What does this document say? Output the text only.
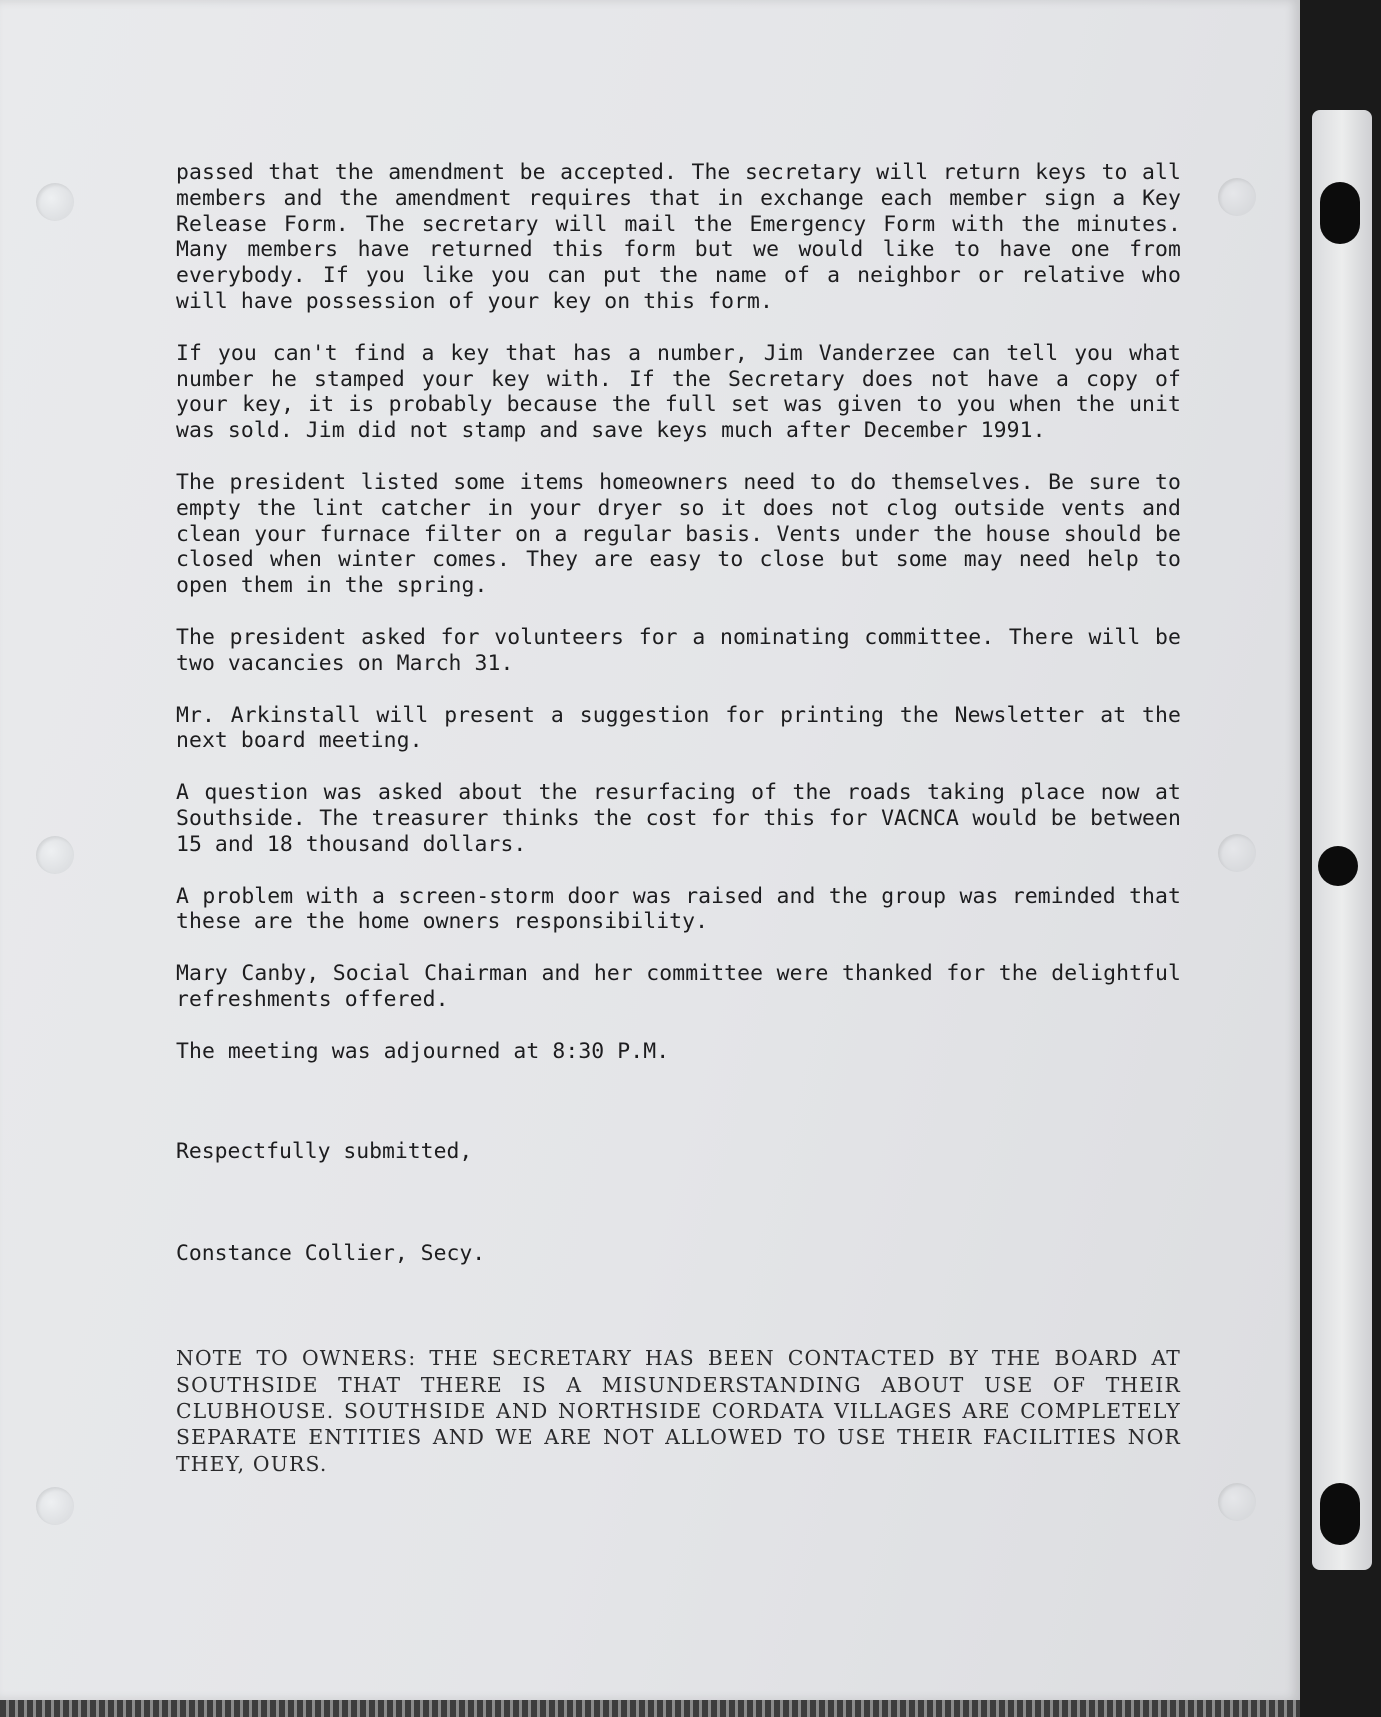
passed that the amendment be accepted. The secretary will return keys to all members and the amendment requires that in exchange each member sign a Key Release Form. The secretary will mail the Emergency Form with the minutes. Many members have returned this form but we would like to have one from everybody. If you like you can put the name of a neighbor or relative who will have possession of your key on this form.

If you can't find a key that has a number, Jim Vanderzee can tell you what number he stamped your key with. If the Secretary does not have a copy of your key, it is probably because the full set was given to you when the unit was sold. Jim did not stamp and save keys much after December 1991.

The president listed some items homeowners need to do themselves. Be sure to empty the lint catcher in your dryer so it does not clog outside vents and clean your furnace filter on a regular basis. Vents under the house should be closed when winter comes. They are easy to close but some may need help to open them in the spring.

The president asked for volunteers for a nominating committee. There will be two vacancies on March 31.

Mr. Arkinstall will present a suggestion for printing the Newsletter at the next board meeting.

A question was asked about the resurfacing of the roads taking place now at Southside. The treasurer thinks the cost for this for VACNCA would be between 15 and 18 thousand dollars.

A problem with a screen-storm door was raised and the group was reminded that these are the home owners responsibility.

Mary Canby, Social Chairman and her committee were thanked for the delightful refreshments offered.

The meeting was adjourned at 8:30 P.M.

Respectfully submitted,

Constance Collier, Secy.

NOTE TO OWNERS: THE SECRETARY HAS BEEN CONTACTED BY THE BOARD AT SOUTHSIDE THAT THERE IS A MISUNDERSTANDING ABOUT USE OF THEIR CLUBHOUSE. SOUTHSIDE AND NORTHSIDE CORDATA VILLAGES ARE COMPLETELY SEPARATE ENTITIES AND WE ARE NOT ALLOWED TO USE THEIR FACILITIES NOR THEY, OURS.
